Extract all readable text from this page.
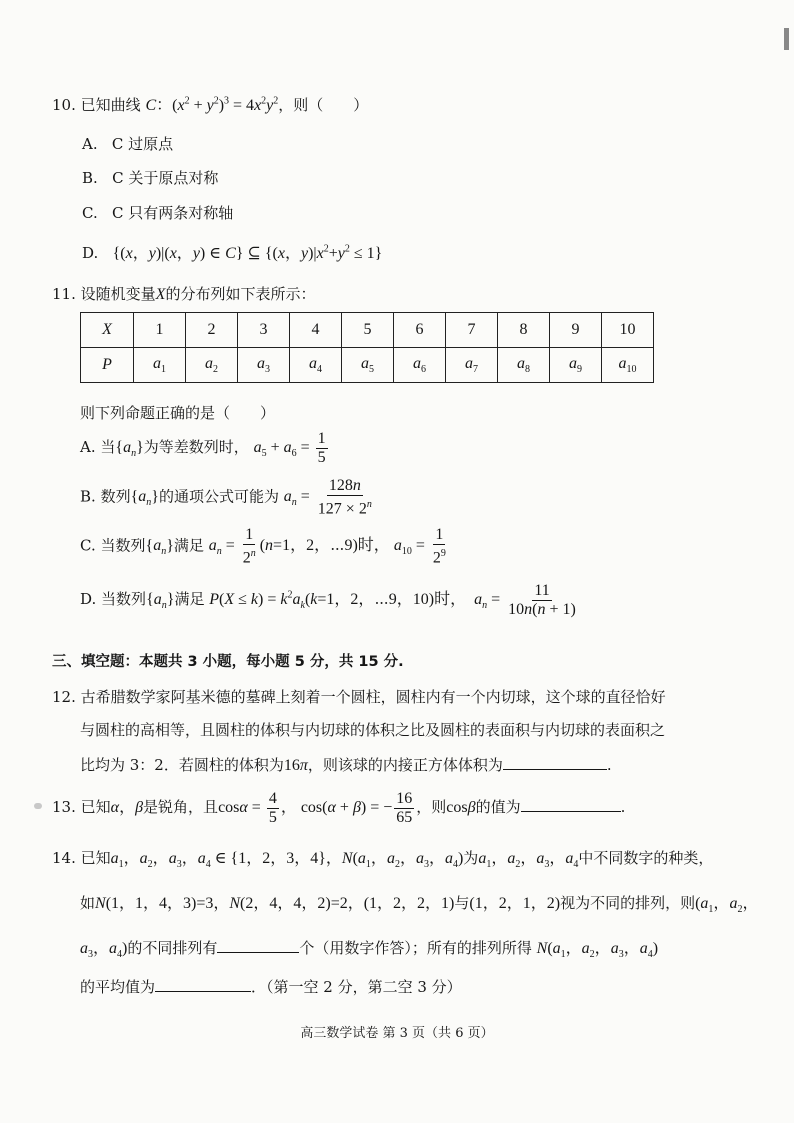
10. 已知曲线 C：$(x^2 + y^2)^3 = 4x^2y^2$，则（　　）
A. C 过原点
B. C 关于原点对称
C. C 只有两条对称轴
D. {(x，y)|(x，y) ∈ C} ⊆ {(x，$y)|x^2+y^2 \le 1$}
11. 设随机变量X的分布列如下表所示：
X	1	2	3	4	5	6	7	8	9	10
P	$a_1$	$a_2$	$a_3$	$a_4$	$a_5$	$a_6$	$a_7$	$a_8$	$a_9$	$a_{10}$
则下列命题正确的是（　　）
A. 当$\{a_n\}$为等差数列时， $a_5 + a_6 = \frac{1}{5}$
B. 数列$\{a_n\}$的通项公式可能为 $a_n = \frac{128n}{127 \times 2^n}$
C. 当数列$\{a_n\}$满足 $a_n = \frac{1}{2^n} (n=1$，2，⋯9)时， $a_{10} = \frac{1}{2^9}$
D. 当数列$\{a_n\}$满足 $P(X \le k) = k^2a_k(k=1$，2，⋯9，10)时，  $a_n = \frac{11}{10n(n + 1)}$
三、填空题：本题共 3 小题，每小题 5 分，共 15 分.
12. 古希腊数学家阿基米德的墓碑上刻着一个圆柱，圆柱内有一个内切球，这个球的直径恰好
与圆柱的高相等，且圆柱的体积与内切球的体积之比及圆柱的表面积与内切球的表面积之
比均为 3：2．若圆柱的体积为16π，则该球的内接正方体体积为	.
13. 已知α，β是锐角，且$\cos\alpha = \frac{4}{5}$ ， cos(α + β) = − $\frac{16}{65}$ ，则cosβ的值为	.
14. 已知$a_1$，$a_2$，$a_3$，$a_4$ ∈ {1，2，3，4}，$N(a_1$，$a_2$，$a_3$，$a_4$)为$a_1$，$a_2$，$a_3$，$a_4$中不同数字的种类，
如N(1，1，4，3)=3，N(2，4，4，2)=2，(1，2，2，1)与(1，2，1，2)视为不同的排列，则($a_1$，$a_2$，
$a_3$，$a_4$)的不同排列有	个（用数字作答）；所有的排列所得 $N(a_1$，$a_2$，$a_3$，$a_4$)
的平均值为	．（第一空 2 分，第二空 3 分）
高三数学试卷 第 3 页（共 6 页）
